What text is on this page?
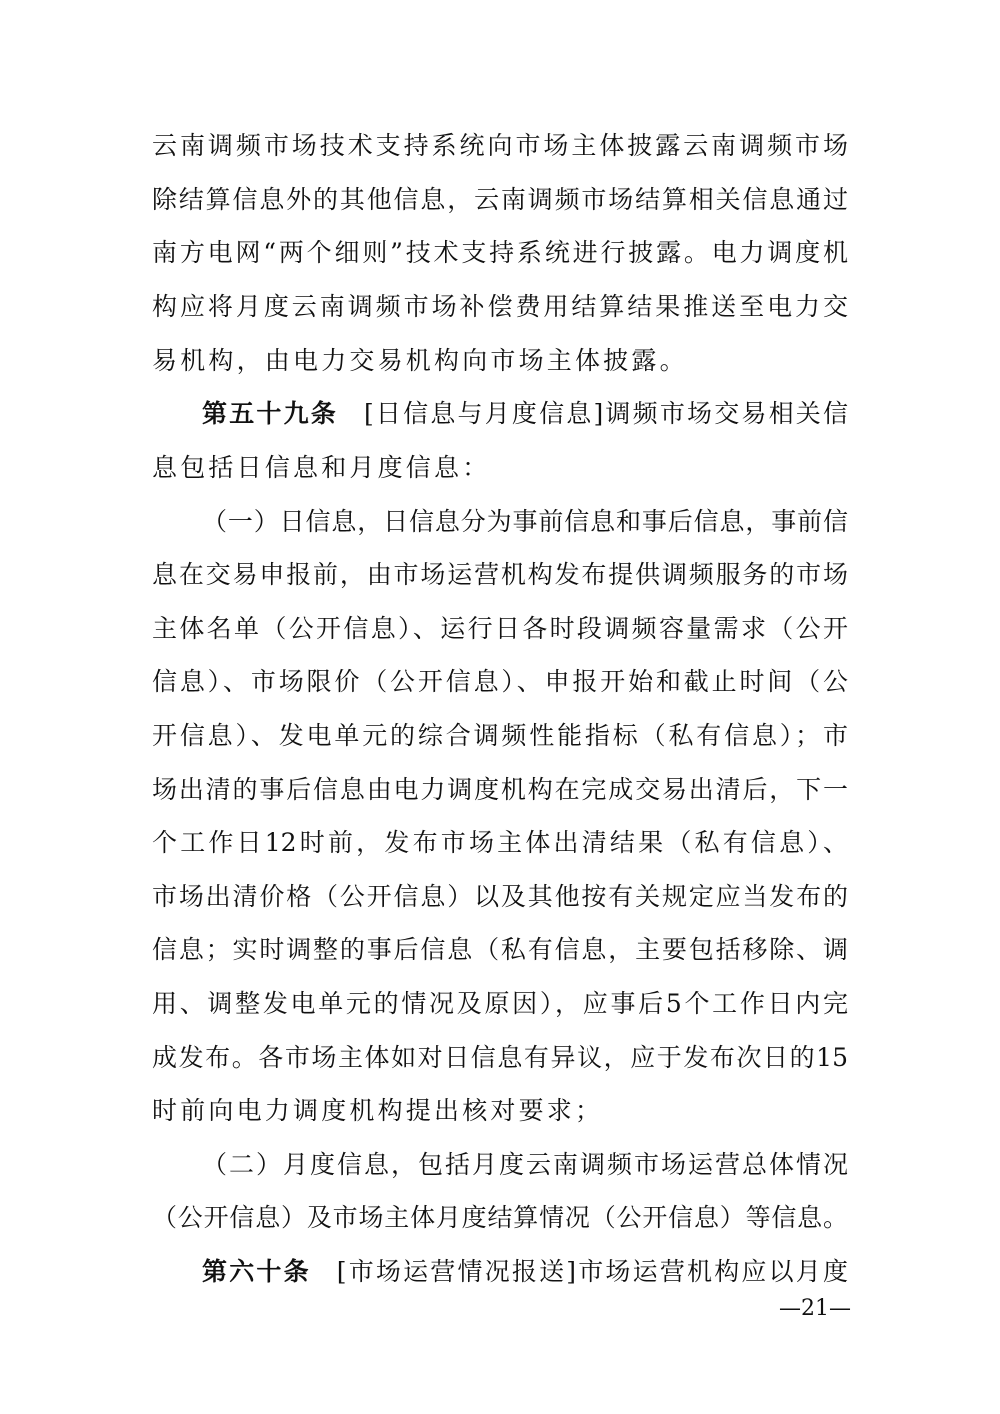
云南调频市场技术支持系统向市场主体披露云南调频市场
除结算信息外的其他信息，云南调频市场结算相关信息通过
南方电网“两个细则”技术支持系统进行披露。电力调度机
构应将月度云南调频市场补偿费用结算结果推送至电力交
易机构，由电力交易机构向市场主体披露。
第五十九条 [日信息与月度信息]调频市场交易相关信
息包括日信息和月度信息：
（一）日信息，日信息分为事前信息和事后信息，事前信
息在交易申报前，由市场运营机构发布提供调频服务的市场
主体名单（公开信息）、运行日各时段调频容量需求（公开
信息）、市场限价（公开信息）、申报开始和截止时间（公
开信息）、发电单元的综合调频性能指标（私有信息）；市
场出清的事后信息由电力调度机构在完成交易出清后，下一
个工作日12时前，发布市场主体出清结果（私有信息）、
市场出清价格（公开信息）以及其他按有关规定应当发布的
信息；实时调整的事后信息（私有信息，主要包括移除、调
用、调整发电单元的情况及原因），应事后5个工作日内完
成发布。各市场主体如对日信息有异议，应于发布次日的15
时前向电力调度机构提出核对要求；
（二）月度信息，包括月度云南调频市场运营总体情况
（公开信息）及市场主体月度结算情况（公开信息）等信息。
第六十条 [市场运营情况报送]市场运营机构应以月度
—21—
